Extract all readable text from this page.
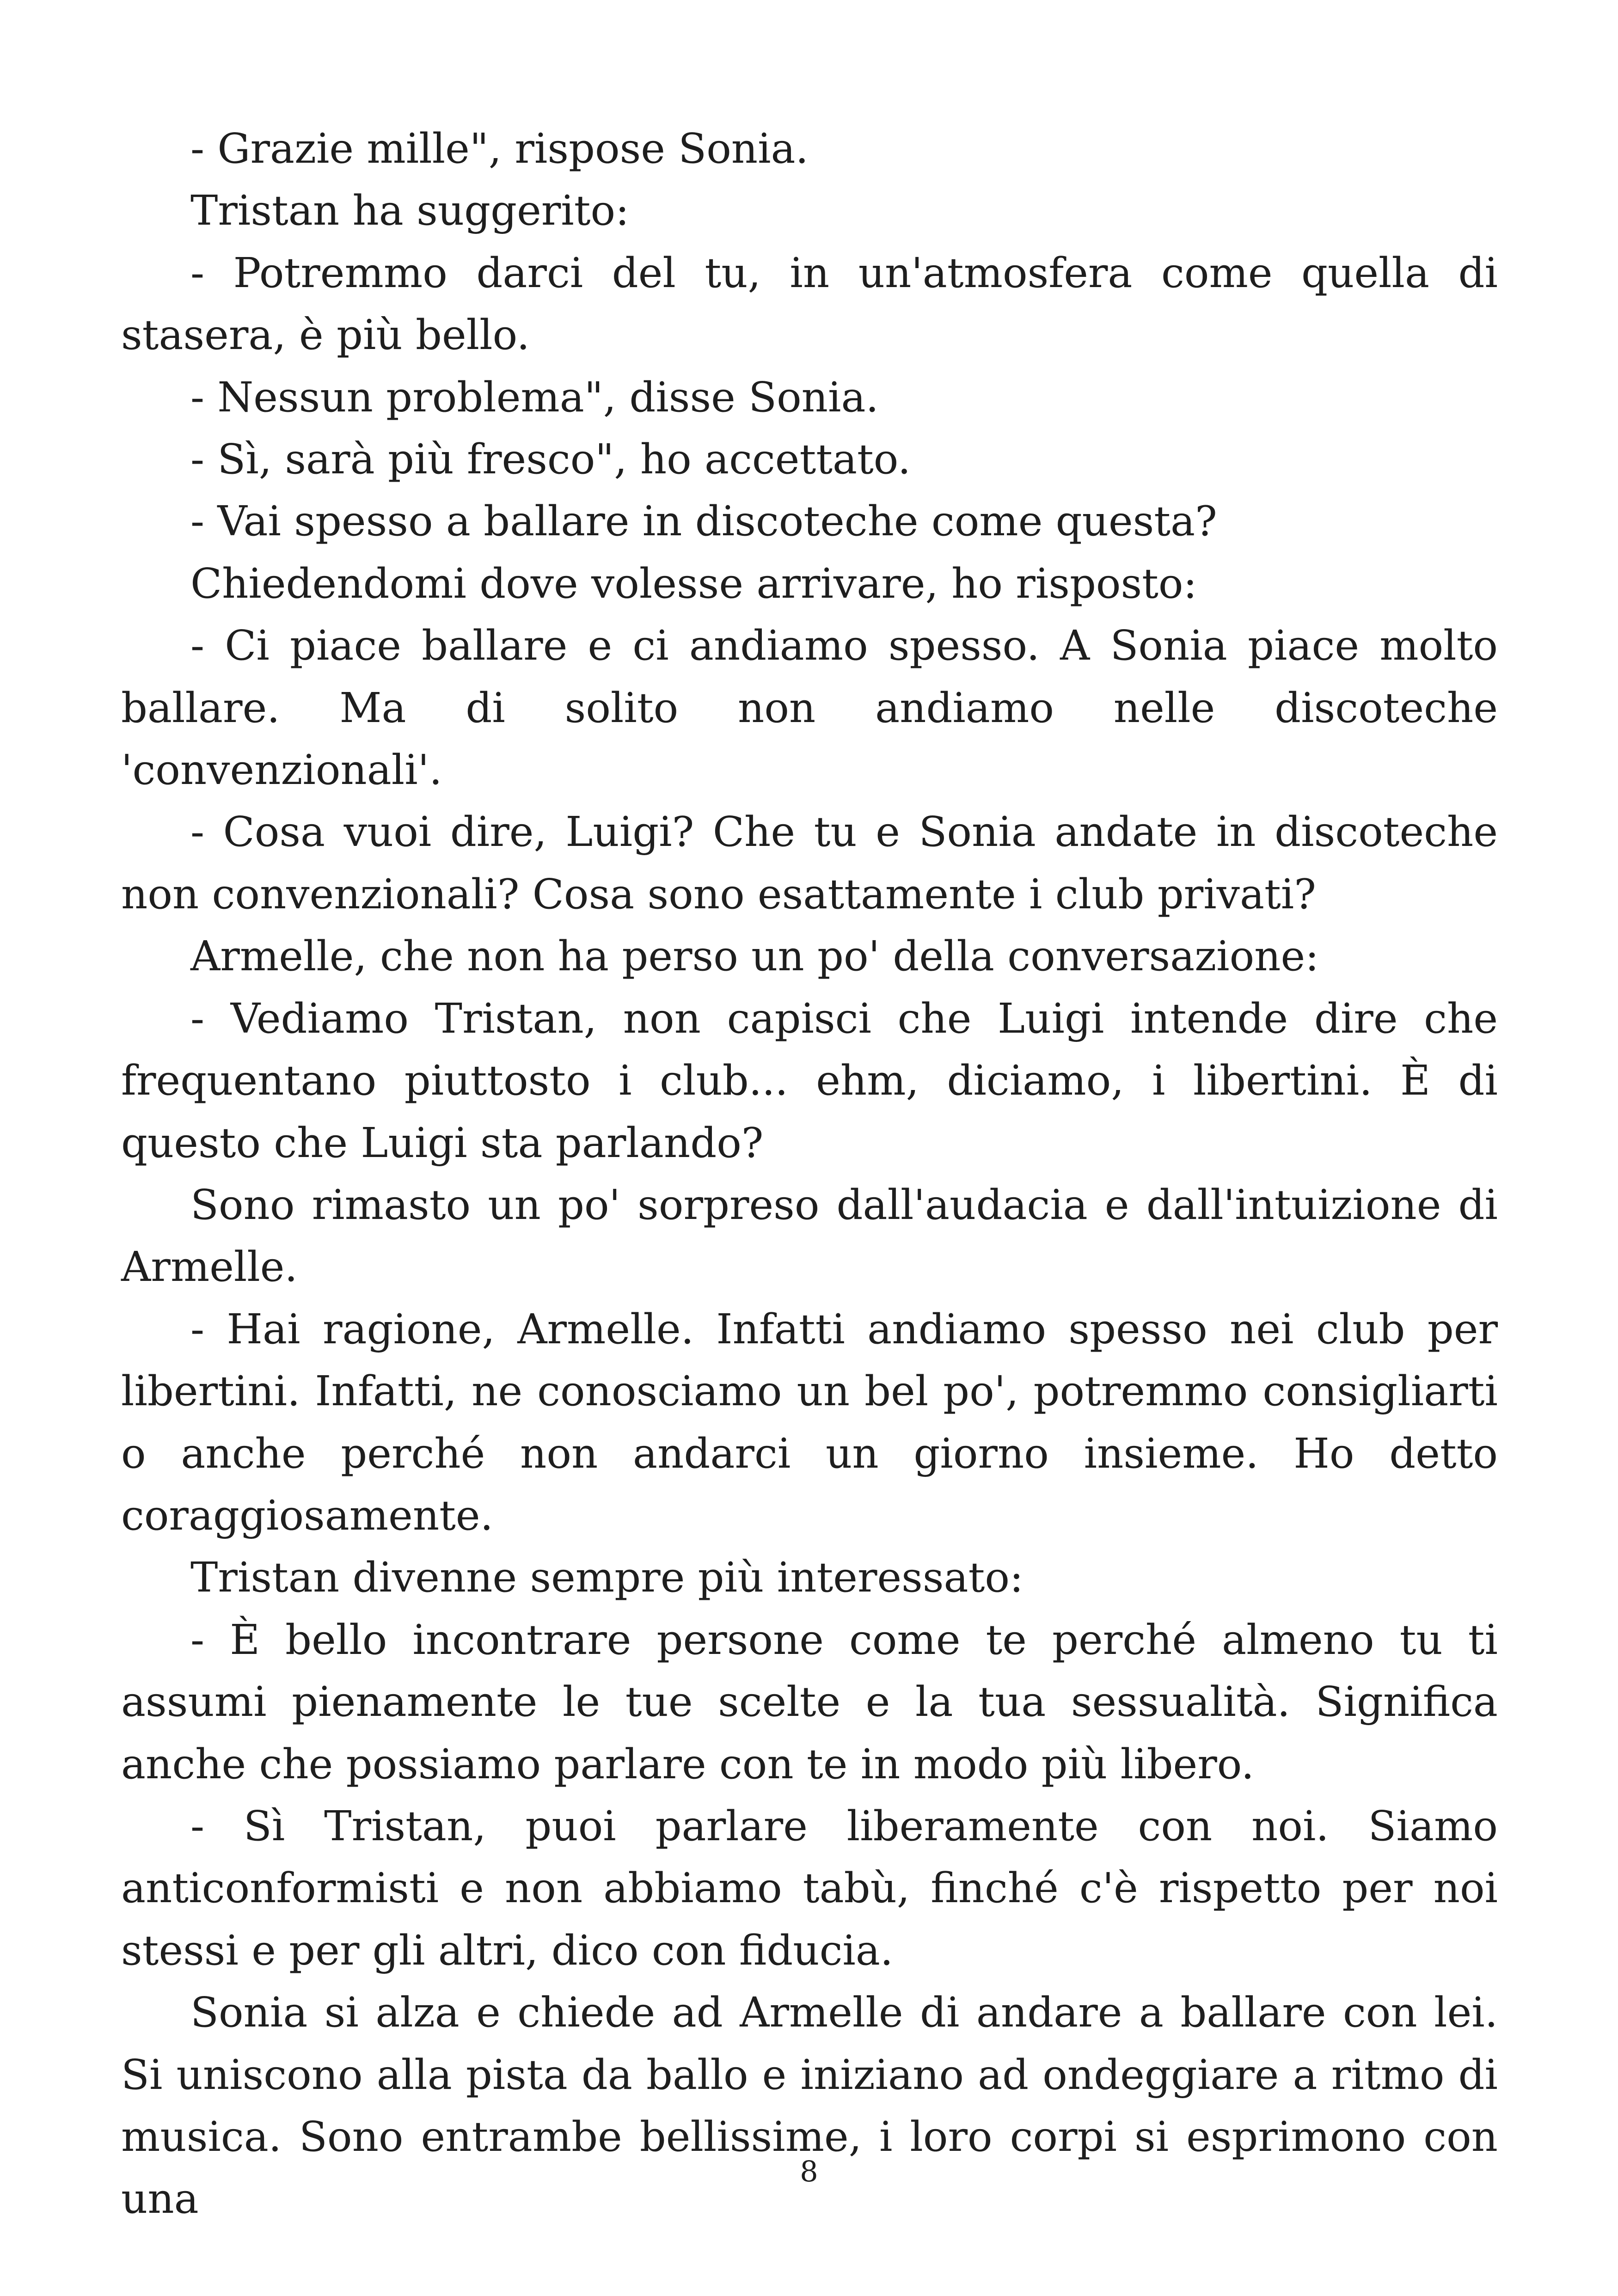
- Grazie mille", rispose Sonia.

Tristan ha suggerito:

- Potremmo darci del tu, in un'atmosfera come quella di stasera, è più bello.

- Nessun problema", disse Sonia.

- Sì, sarà più fresco", ho accettato.

- Vai spesso a ballare in discoteche come questa?

Chiedendomi dove volesse arrivare, ho risposto:

- Ci piace ballare e ci andiamo spesso. A Sonia piace molto ballare. Ma di solito non andiamo nelle discoteche 'convenzionali'.

- Cosa vuoi dire, Luigi? Che tu e Sonia andate in discoteche non convenzionali? Cosa sono esattamente i club privati?

Armelle, che non ha perso un po' della conversazione:

- Vediamo Tristan, non capisci che Luigi intende dire che frequentano piuttosto i club... ehm, diciamo, i libertini. È di questo che Luigi sta parlando?

Sono rimasto un po' sorpreso dall'audacia e dall'intuizione di Armelle.

- Hai ragione, Armelle. Infatti andiamo spesso nei club per libertini. Infatti, ne conosciamo un bel po', potremmo consigliarti o anche perché non andarci un giorno insieme. Ho detto coraggiosamente.

Tristan divenne sempre più interessato:

- È bello incontrare persone come te perché almeno tu ti assumi pienamente le tue scelte e la tua sessualità. Significa anche che possiamo parlare con te in modo più libero.

- Sì Tristan, puoi parlare liberamente con noi. Siamo anticonformisti e non abbiamo tabù, finché c'è rispetto per noi stessi e per gli altri, dico con fiducia.

Sonia si alza e chiede ad Armelle di andare a ballare con lei. Si uniscono alla pista da ballo e iniziano ad ondeggiare a ritmo di musica. Sono entrambe bellissime, i loro corpi si esprimono con una

8
